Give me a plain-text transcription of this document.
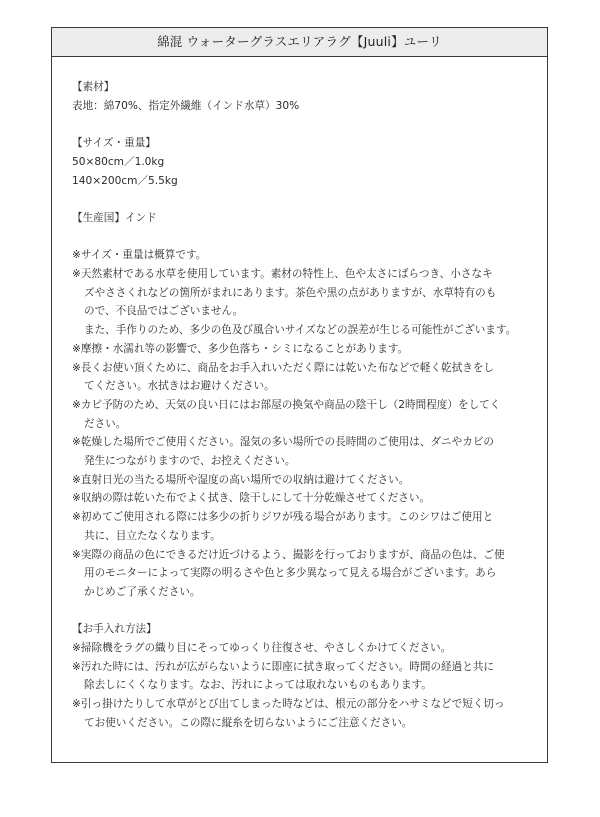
綿混 ウォーターグラスエリアラグ【Juuli】ユーリ
【素材】
表地：綿70%、指定外繊維（インド水草）30%
【サイズ・重量】
50×80cm／1.0kg
140×200cm／5.5kg
【生産国】インド
※サイズ・重量は概算です。
※天然素材である水草を使用しています。素材の特性上、色や太さにばらつき、小さなキ
ズやささくれなどの箇所がまれにあります。茶色や黒の点がありますが、水草特有のも
ので、不良品ではございません。
また、手作りのため、多少の色及び風合いサイズなどの誤差が生じる可能性がございます。
※摩擦・水濡れ等の影響で、多少色落ち・シミになることがあります。
※長くお使い頂くために、商品をお手入れいただく際には乾いた布などで軽く乾拭きをし
てください。水拭きはお避けください。
※カビ予防のため、天気の良い日にはお部屋の換気や商品の陰干し（2時間程度）をしてく
ださい。
※乾燥した場所でご使用ください。湿気の多い場所での長時間のご使用は、ダニやカビの
発生につながりますので、お控えください。
※直射日光の当たる場所や湿度の高い場所での収納は避けてください。
※収納の際は乾いた布でよく拭き、陰干しにして十分乾燥させてください。
※初めてご使用される際には多少の折りジワが残る場合があります。このシワはご使用と
共に、目立たなくなります。
※実際の商品の色にできるだけ近づけるよう、撮影を行っておりますが、商品の色は、ご使
用のモニターによって実際の明るさや色と多少異なって見える場合がございます。あら
かじめご了承ください。
【お手入れ方法】
※掃除機をラグの織り目にそってゆっくり往復させ、やさしくかけてください。
※汚れた時には、汚れが広がらないように即座に拭き取ってください。時間の経過と共に
除去しにくくなります。なお、汚れによっては取れないものもあります。
※引っ掛けたりして水草がとび出てしまった時などは、根元の部分をハサミなどで短く切っ
てお使いください。この際に縦糸を切らないようにご注意ください。
